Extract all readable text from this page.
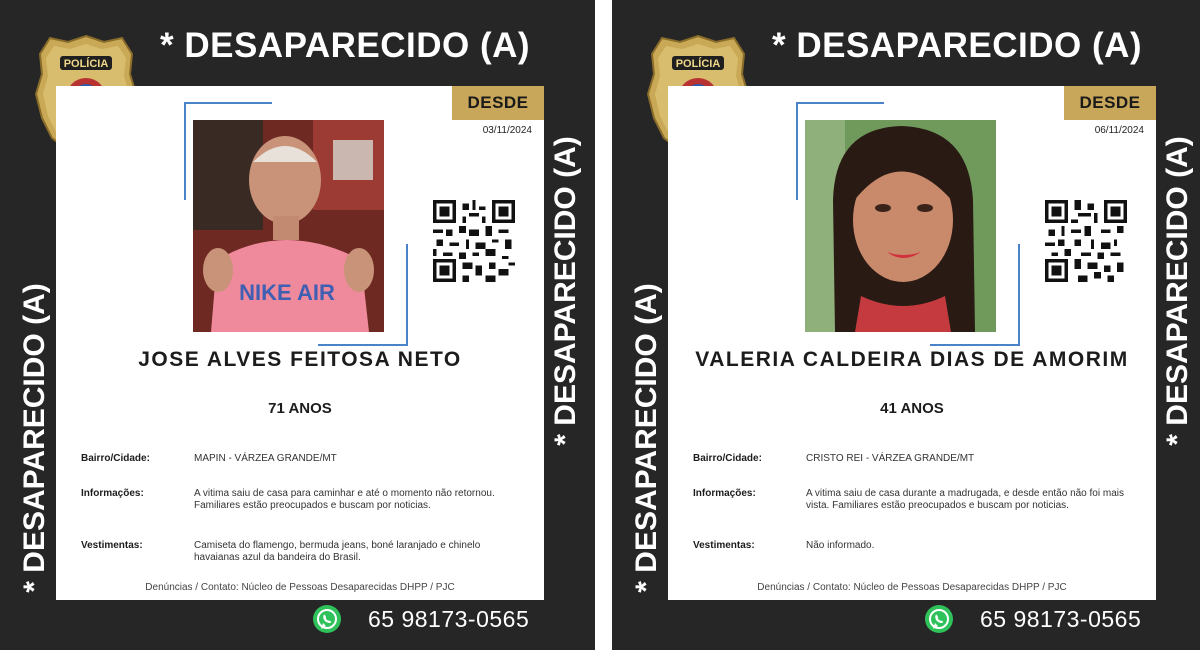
POLÍCIA * DESAPARECIDO (A)
* DESAPARECIDO (A)	* DESAPARECIDO (A)
DESDE
03/11/2024
NIKE AIR
JOSE ALVES FEITOSA NETO
71 ANOS
Bairro/Cidade:	MAPIN - VÁRZEA GRANDE/MT
Informações:	A vitima saiu de casa para caminhar e até o momento não retornou. Familiares estão preocupados e buscam por noticias.
Vestimentas:	Camiseta do flamengo, bermuda jeans, boné laranjado e chinelo havaianas azul da bandeira do Brasil.
Denúncias / Contato: Núcleo de Pessoas Desaparecidas DHPP / PJC
65 98173-0565
POLÍCIA * DESAPARECIDO (A)
* DESAPARECIDO (A)	* DESAPARECIDO (A)
DESDE
06/11/2024
VALERIA CALDEIRA DIAS DE AMORIM
41 ANOS
Bairro/Cidade:	CRISTO REI - VÁRZEA GRANDE/MT
Informações:	A vitima saiu de casa durante a madrugada, e desde então não foi mais vista. Familiares estão preocupados e buscam por noticias.
Vestimentas:	Não informado.
Denúncias / Contato: Núcleo de Pessoas Desaparecidas DHPP / PJC
65 98173-0565
